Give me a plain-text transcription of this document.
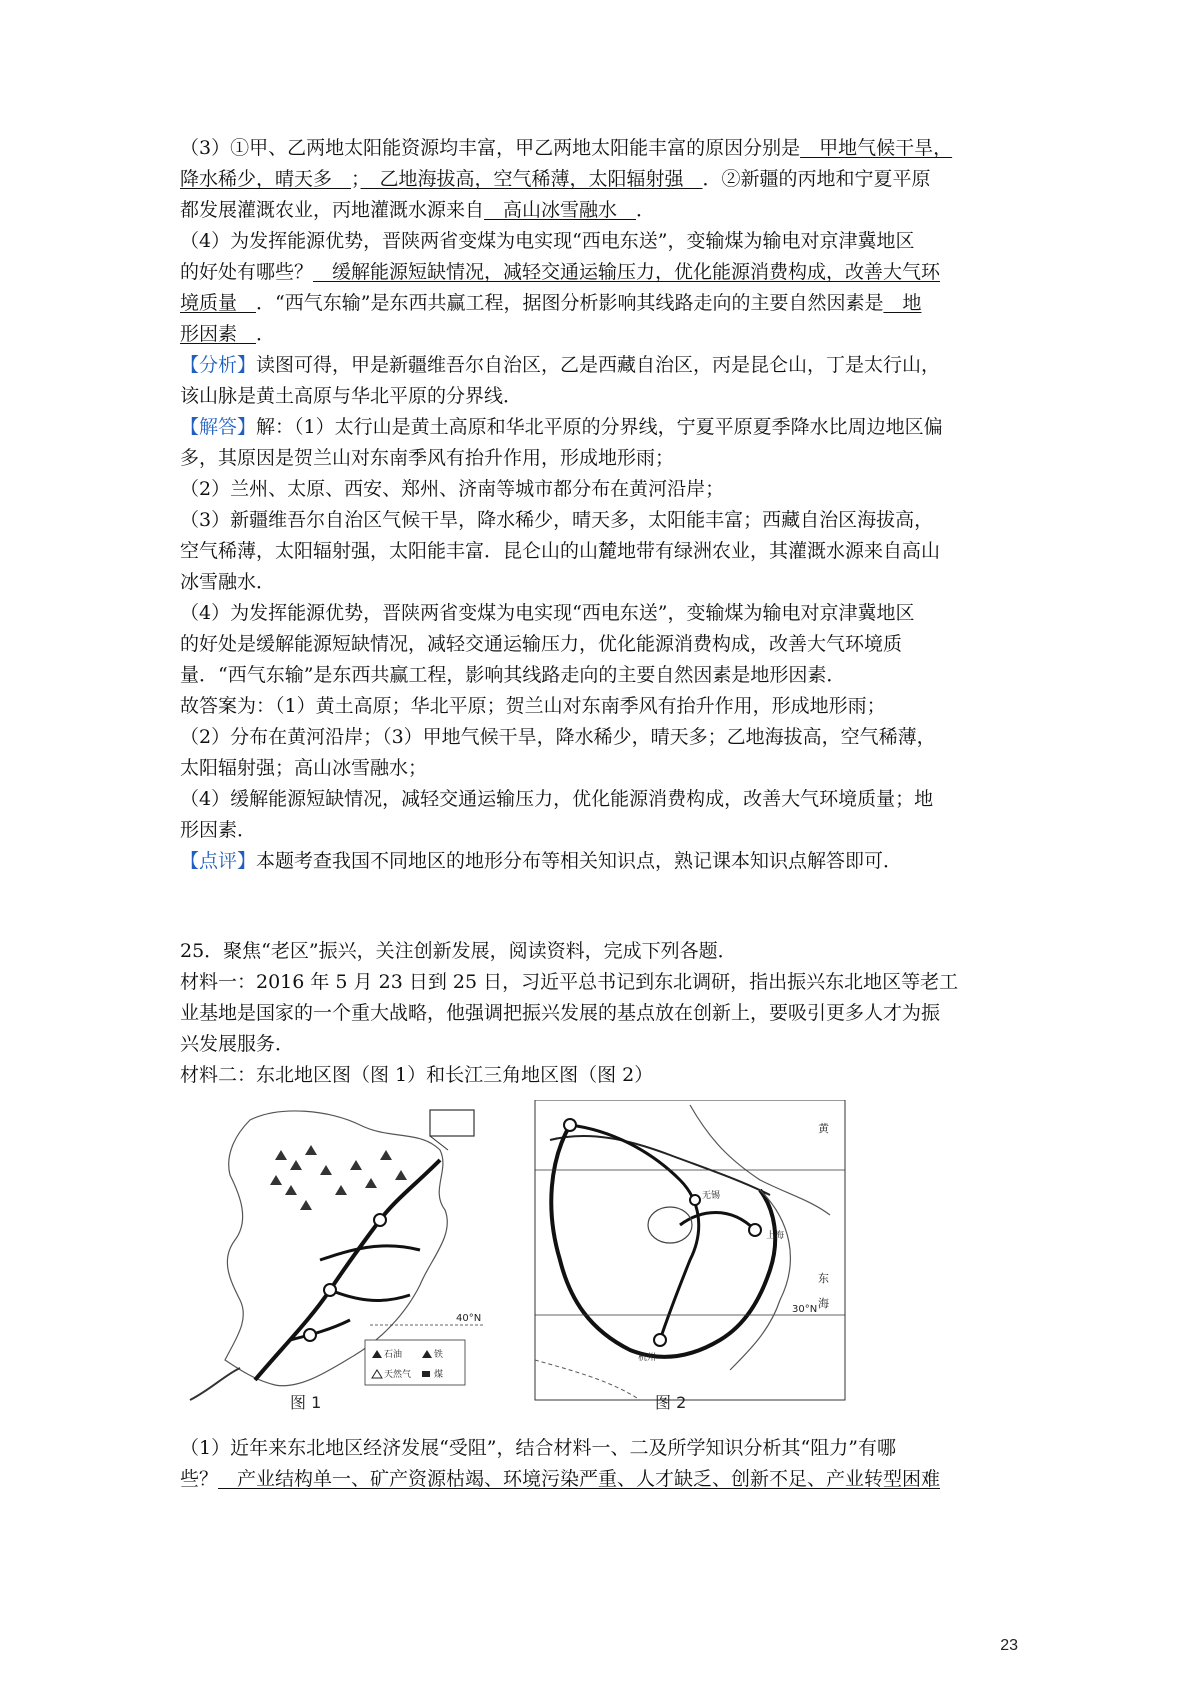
（3）①甲、乙两地太阳能资源均丰富，甲乙两地太阳能丰富的原因分别是　甲地气候干旱，
降水稀少，晴天多　；　乙地海拔高，空气稀薄，太阳辐射强　．②新疆的丙地和宁夏平原
都发展灌溉农业，丙地灌溉水源来自　高山冰雪融水　．
（4）为发挥能源优势，晋陕两省变煤为电实现“西电东送”，变输煤为输电对京津冀地区
的好处有哪些？　缓解能源短缺情况，减轻交通运输压力，优化能源消费构成，改善大气环
境质量　．“西气东输”是东西共赢工程，据图分析影响其线路走向的主要自然因素是　地
形因素　．
【分析】读图可得，甲是新疆维吾尔自治区，乙是西藏自治区，丙是昆仑山，丁是太行山，
该山脉是黄土高原与华北平原的分界线．
【解答】解：（1）太行山是黄土高原和华北平原的分界线，宁夏平原夏季降水比周边地区偏
多，其原因是贺兰山对东南季风有抬升作用，形成地形雨；
（2）兰州、太原、西安、郑州、济南等城市都分布在黄河沿岸；
（3）新疆维吾尔自治区气候干旱，降水稀少，晴天多，太阳能丰富；西藏自治区海拔高，
空气稀薄，太阳辐射强，太阳能丰富．昆仑山的山麓地带有绿洲农业，其灌溉水源来自高山
冰雪融水．
（4）为发挥能源优势，晋陕两省变煤为电实现“西电东送”，变输煤为输电对京津冀地区
的好处是缓解能源短缺情况，减轻交通运输压力，优化能源消费构成，改善大气环境质
量．“西气东输”是东西共赢工程，影响其线路走向的主要自然因素是地形因素．
故答案为：（1）黄土高原；华北平原；贺兰山对东南季风有抬升作用，形成地形雨；
（2）分布在黄河沿岸；（3）甲地气候干旱，降水稀少，晴天多；乙地海拔高，空气稀薄，
太阳辐射强；高山冰雪融水；
（4）缓解能源短缺情况，减轻交通运输压力，优化能源消费构成，改善大气环境质量；地
形因素．
【点评】本题考查我国不同地区的地形分布等相关知识点，熟记课本知识点解答即可．
25．聚焦“老区”振兴，关注创新发展，阅读资料，完成下列各题．
材料一：2016 年 5 月 23 日到 25 日，习近平总书记到东北调研，指出振兴东北地区等老工
业基地是国家的一个重大战略，他强调把振兴发展的基点放在创新上，要吸引更多人才为振
兴发展服务．
材料二：东北地区图（图 1）和长江三角地区图（图 2）
石油	铁
天然气	煤
40°N
图 1
无锡
上海
杭州
东
海
黄
30°N
图 2
（1）近年来东北地区经济发展“受阻”，结合材料一、二及所学知识分析其“阻力”有哪
些？　产业结构单一、矿产资源枯竭、环境污染严重、人才缺乏、创新不足、产业转型困难
23
